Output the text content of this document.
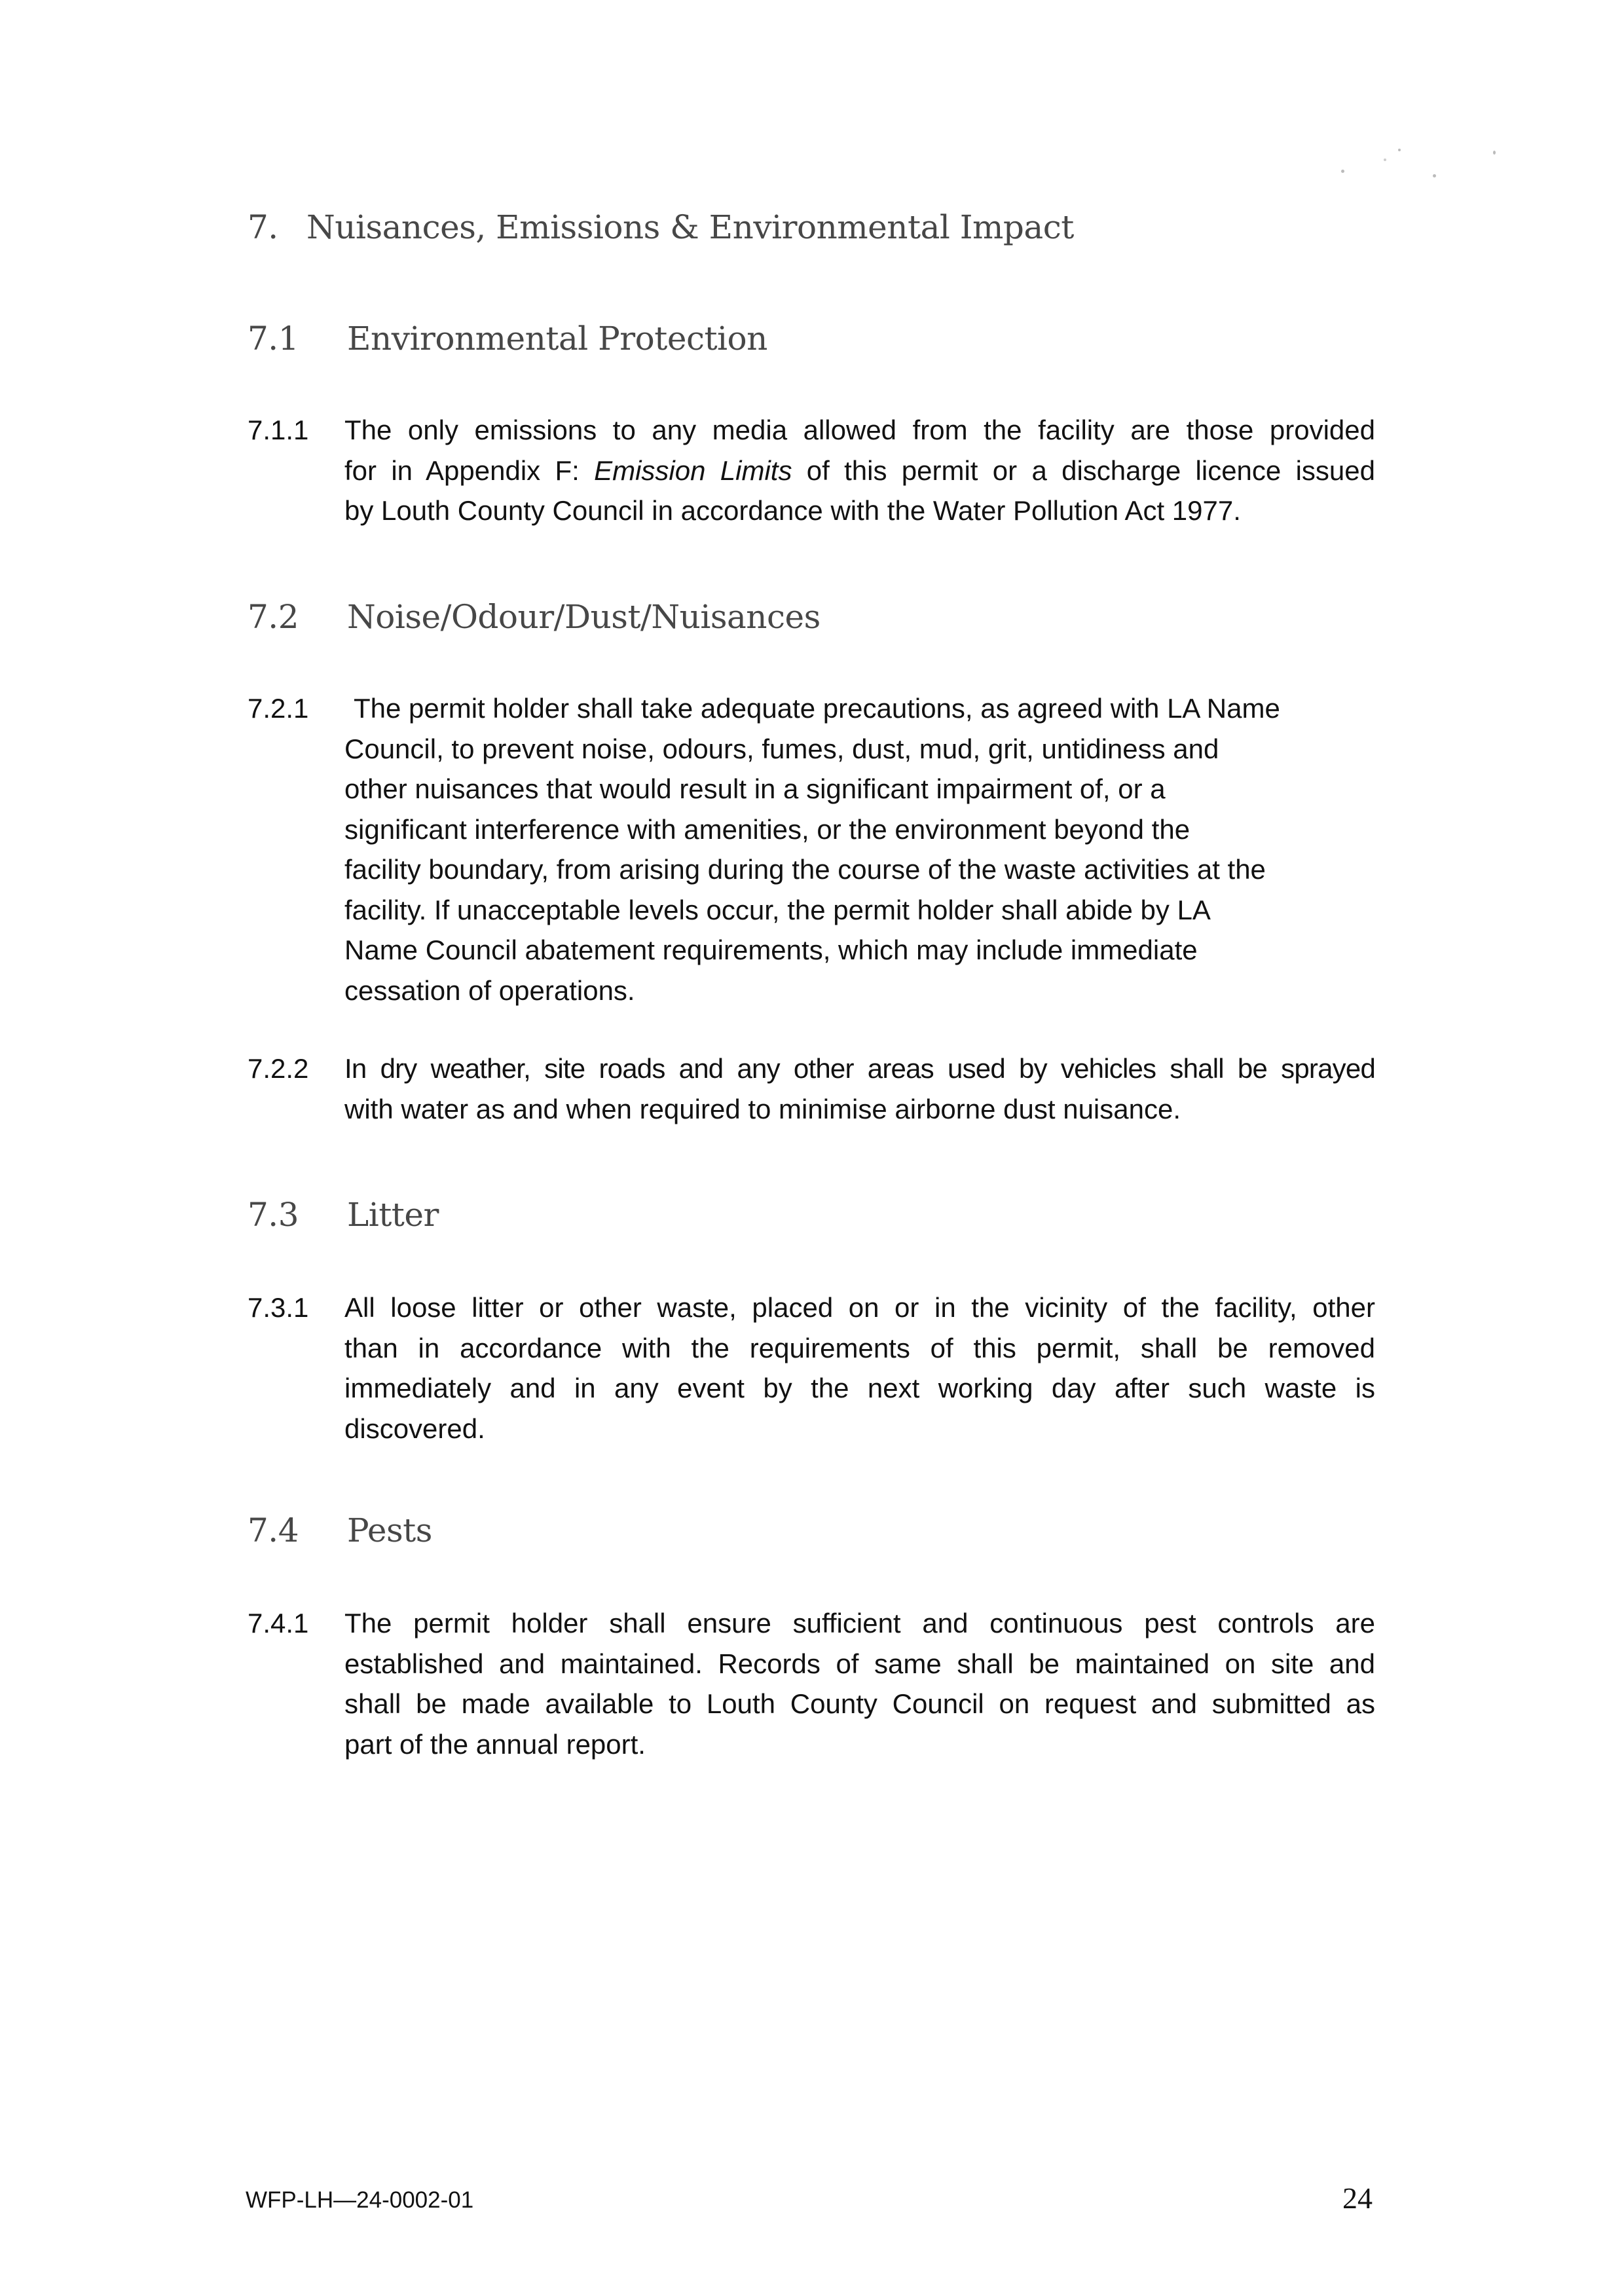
7. Nuisances, Emissions & Environmental Impact
7.1 Environmental Protection
7.1.1 The only emissions to any media allowed from the facility are those provided
for in Appendix F: Emission Limits of this permit or a discharge licence issued
by Louth County Council in accordance with the Water Pollution Act 1977.
7.2 Noise/Odour/Dust/Nuisances
7.2.1	The permit holder shall take adequate precautions, as agreed with LA Name
Council, to prevent noise, odours, fumes, dust, mud, grit, untidiness and
other nuisances that would result in a significant impairment of, or a
significant interference with amenities, or the environment beyond the
facility boundary, from arising during the course of the waste activities at the
facility. If unacceptable levels occur, the permit holder shall abide by LA
Name Council abatement requirements, which may include immediate
cessation of operations.
7.2.2 In dry weather, site roads and any other areas used by vehicles shall be sprayed
with water as and when required to minimise airborne dust nuisance.
7.3 Litter
7.3.1 All loose litter or other waste, placed on or in the vicinity of the facility, other
than in accordance with the requirements of this permit, shall be removed
immediately and in any event by the next working day after such waste is
discovered.
7.4 Pests
7.4.1 The permit holder shall ensure sufficient and continuous pest controls are
established and maintained. Records of same shall be maintained on site and
shall be made available to Louth County Council on request and submitted as
part of the annual report.
WFP-LH—24-0002-01	24
